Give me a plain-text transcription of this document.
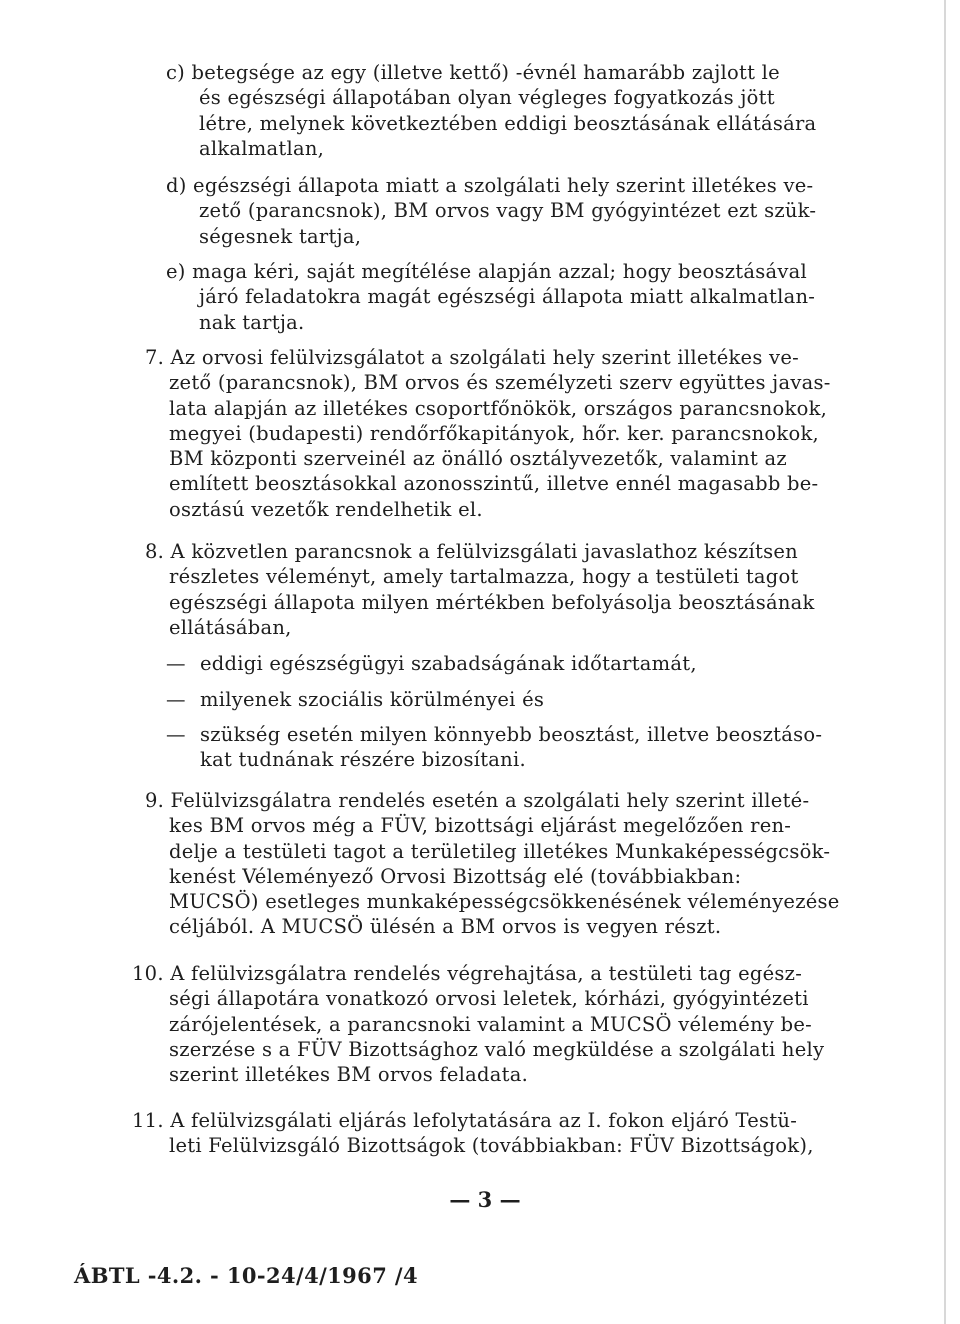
c) betegsége az egy (illetve kettő) -évnél hamarább zajlott le
és egészségi állapotában olyan végleges fogyatkozás jött
létre, melynek következtében eddigi beosztásának ellátására
alkalmatlan,
d) egészségi állapota miatt a szolgálati hely szerint illetékes ve-
zető (parancsnok), BM orvos vagy BM gyógyintézet ezt szük-
ségesnek tartja,
e) maga kéri, saját megítélése alapján azzal; hogy beosztásával
járó feladatokra magát egészségi állapota miatt alkalmatlan-
nak tartja.
7. Az orvosi felülvizsgálatot a szolgálati hely szerint illetékes ve-
zető (parancsnok), BM orvos és személyzeti szerv együttes javas-
lata alapján az illetékes csoportfőnökök, országos parancsnokok,
megyei (budapesti) rendőrfőkapitányok, hőr. ker. parancsnokok,
BM központi szerveinél az önálló osztályvezetők, valamint az
említett beosztásokkal azonosszintű, illetve ennél magasabb be-
osztású vezetők rendelhetik el.
8. A közvetlen parancsnok a felülvizsgálati javaslathoz készítsen
részletes véleményt, amely tartalmazza, hogy a testületi tagot
egészségi állapota milyen mértékben befolyásolja beosztásának
ellátásában,
— eddigi egészségügyi szabadságának időtartamát,
— milyenek szociális körülményei és
— szükség esetén milyen könnyebb beosztást, illetve beosztáso-
kat tudnának részére bizosítani.
9. Felülvizsgálatra rendelés esetén a szolgálati hely szerint illeté-
kes BM orvos még a FÜV, bizottsági eljárást megelőzően ren-
delje a testületi tagot a területileg illetékes Munkaképességcsök-
kenést Véleményező Orvosi Bizottság elé (továbbiakban:
MUCSÖ) esetleges munkaképességcsökkenésének véleményezése
céljából. A MUCSÖ ülésén a BM orvos is vegyen részt.
10. A felülvizsgálatra rendelés végrehajtása, a testületi tag egész-
ségi állapotára vonatkozó orvosi leletek, kórházi, gyógyintézeti
zárójelentések, a parancsnoki valamint a MUCSÖ vélemény be-
szerzése s a FÜV Bizottsághoz való megküldése a szolgálati hely
szerint illetékes BM orvos feladata.
11. A felülvizsgálati eljárás lefolytatására az I. fokon eljáró Testü-
leti Felülvizsgáló Bizottságok (továbbiakban: FÜV Bizottságok),
— 3 —
ÁBTL -4.2. - 10-24/4/1967 /4
